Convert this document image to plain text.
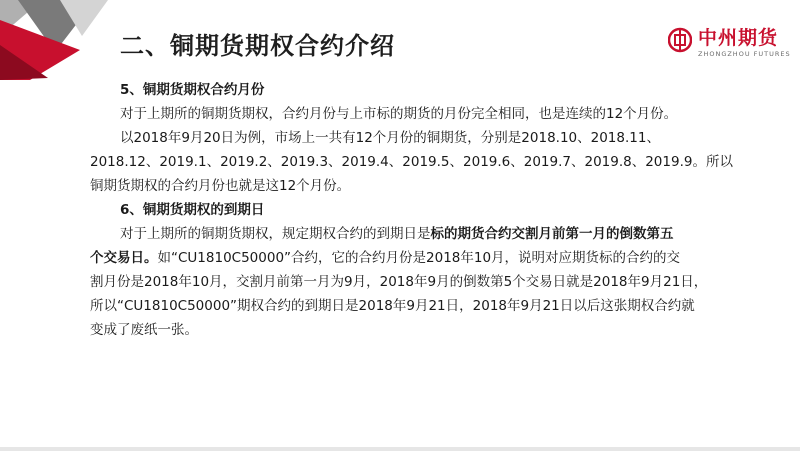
二、铜期货期权合约介绍	中州期货
ZHONGZHOU FUTURES

5、铜期货期权合约月份

对于上期所的铜期货期权，合约月份与上市标的期货的月份完全相同，也是连续的12个月份。

以2018年9月20日为例，市场上一共有12个月份的铜期货，分别是2018.10、2018.11、

2018.12、2019.1、2019.2、2019.3、2019.4、2019.5、2019.6、2019.7、2019.8、2019.9。所以

铜期货期权的合约月份也就是这12个月份。

6、铜期货期权的到期日

对于上期所的铜期货期权，规定期权合约的到期日是标的期货合约交割月前第一月的倒数第五

个交易日。如“CU1810C50000”合约，它的合约月份是2018年10月，说明对应期货标的合约的交

割月份是2018年10月，交割月前第一月为9月，2018年9月的倒数第5个交易日就是2018年9月21日，

所以“CU1810C50000”期权合约的到期日是2018年9月21日，2018年9月21日以后这张期权合约就

变成了废纸一张。
